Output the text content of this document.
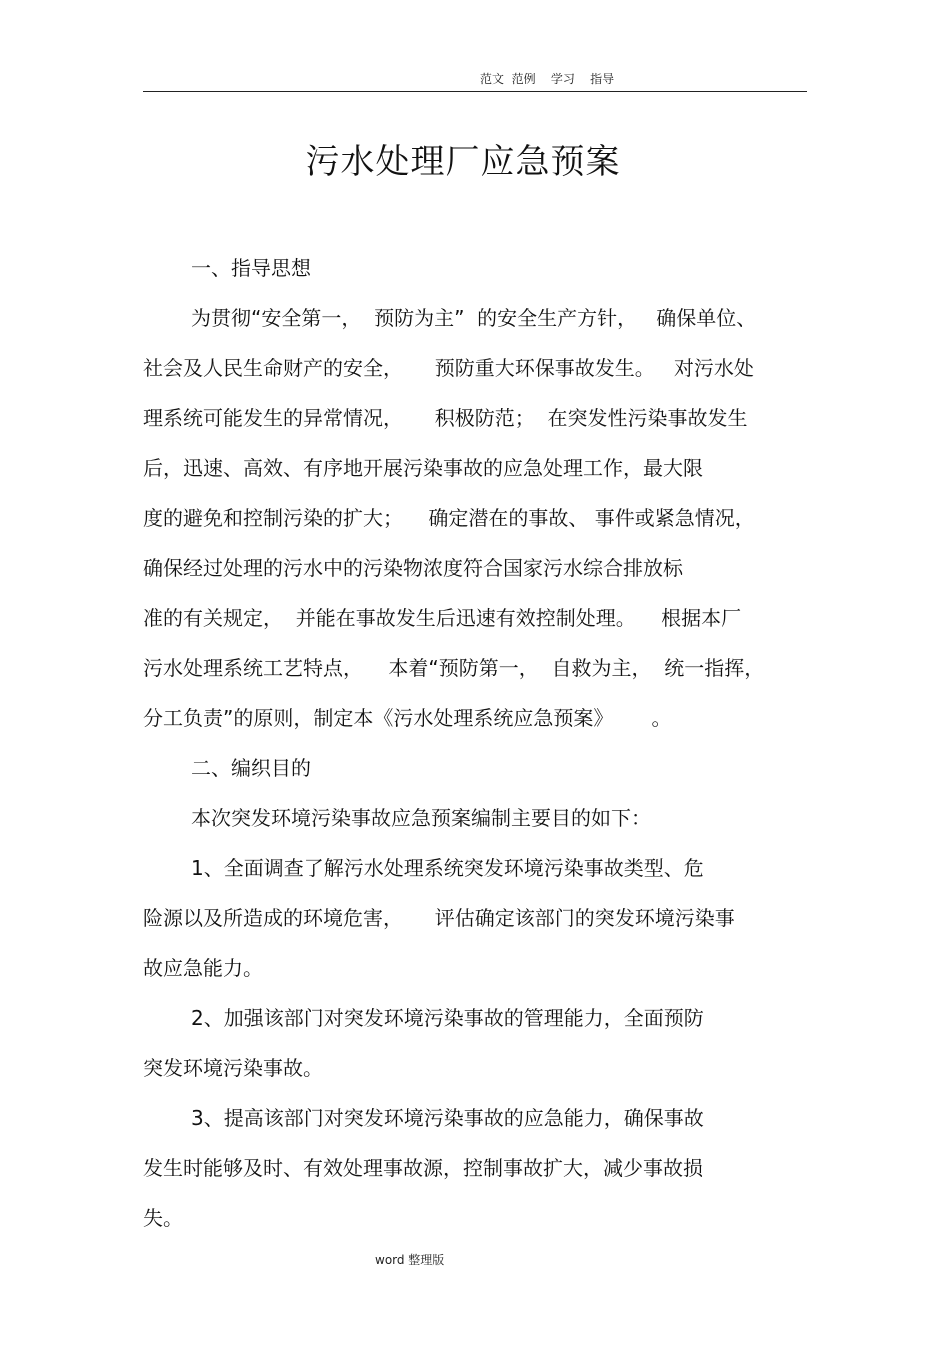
范文  范例    学习    指导
污水处理厂应急预案
一、指导思想
为贯彻“安全第一，  预防为主”  的安全生产方针，   确保单位、
社会及人民生命财产的安全，     预防重大环保事故发生。   对污水处
理系统可能发生的异常情况，     积极防范；  在突发性污染事故发生
后，迅速、高效、有序地开展污染事故的应急处理工作，最大限
度的避免和控制污染的扩大；    确定潜在的事故、 事件或紧急情况，
确保经过处理的污水中的污染物浓度符合国家污水综合排放标
准的有关规定，  并能在事故发生后迅速有效控制处理。    根据本厂
污水处理系统工艺特点，    本着“预防第一，  自救为主，  统一指挥，
分工负责”的原则，制定本《污水处理系统应急预案》      。
二、编织目的
本次突发环境污染事故应急预案编制主要目的如下：
1、全面调查了解污水处理系统突发环境污染事故类型、危
险源以及所造成的环境危害，     评估确定该部门的突发环境污染事
故应急能力。
2、加强该部门对突发环境污染事故的管理能力，全面预防
突发环境污染事故。
3、提高该部门对突发环境污染事故的应急能力，确保事故
发生时能够及时、有效处理事故源，控制事故扩大，减少事故损
失。
word 整理版
